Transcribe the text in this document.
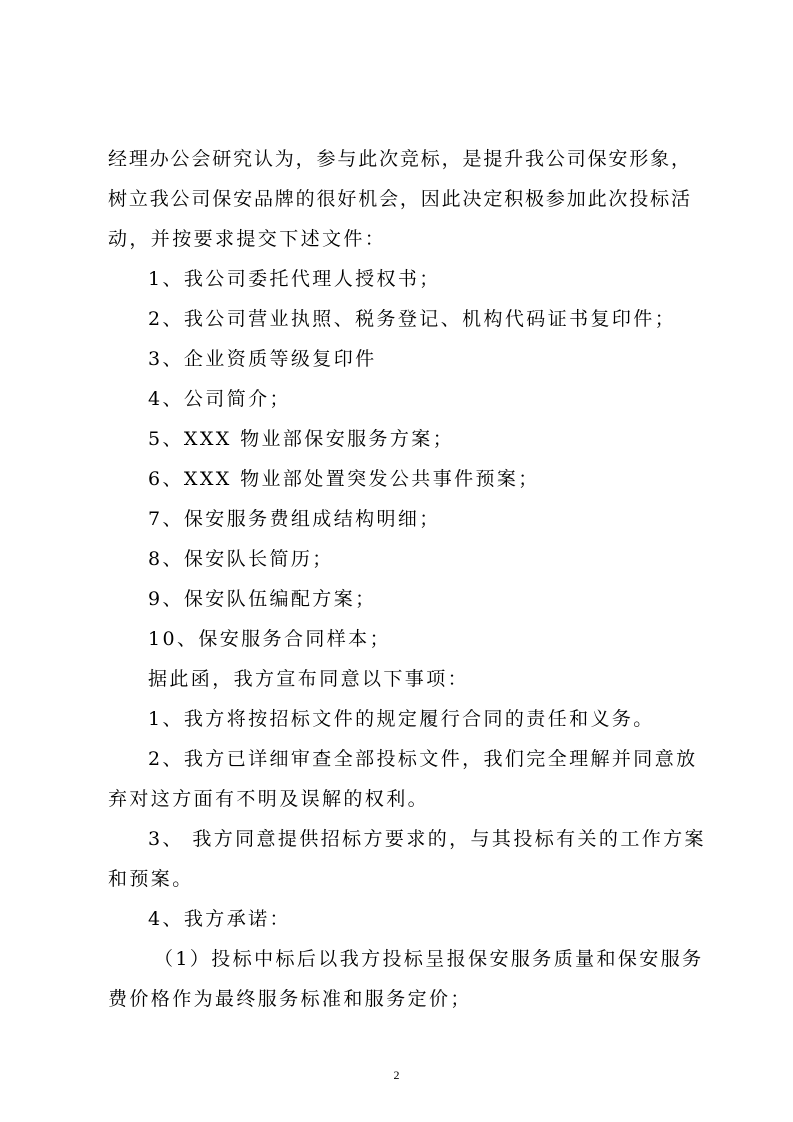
经理办公会研究认为，参与此次竞标，是提升我公司保安形象，
树立我公司保安品牌的很好机会，因此决定积极参加此次投标活
动，并按要求提交下述文件：
1、我公司委托代理人授权书；
2、我公司营业执照、税务登记、机构代码证书复印件；
3、企业资质等级复印件
4、公司简介；
5、XXX 物业部保安服务方案；
6、XXX 物业部处置突发公共事件预案；
7、保安服务费组成结构明细；
8、保安队长简历；
9、保安队伍编配方案；
10、保安服务合同样本；
据此函，我方宣布同意以下事项：
1、我方将按招标文件的规定履行合同的责任和义务。
2、我方已详细审查全部投标文件，我们完全理解并同意放
弃对这方面有不明及误解的权利。
3、 我方同意提供招标方要求的，与其投标有关的工作方案
和预案。
4、我方承诺：
（1）投标中标后以我方投标呈报保安服务质量和保安服务
费价格作为最终服务标准和服务定价；
2
